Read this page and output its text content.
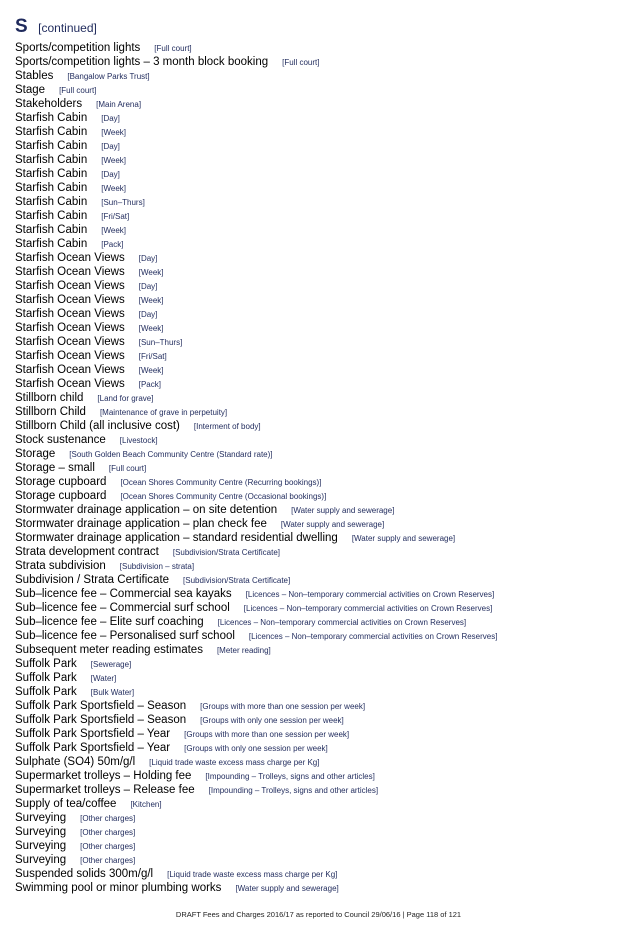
S [continued]
Sports/competition lights [Full court]
Sports/competition lights – 3 month block booking [Full court]
Stables [Bangalow Parks Trust]
Stage [Full court]
Stakeholders [Main Arena]
Starfish Cabin [Day]
Starfish Cabin [Week]
Starfish Cabin [Day]
Starfish Cabin [Week]
Starfish Cabin [Day]
Starfish Cabin [Week]
Starfish Cabin [Sun–Thurs]
Starfish Cabin [Fri/Sat]
Starfish Cabin [Week]
Starfish Cabin [Pack]
Starfish Ocean Views [Day]
Starfish Ocean Views [Week]
Starfish Ocean Views [Day]
Starfish Ocean Views [Week]
Starfish Ocean Views [Day]
Starfish Ocean Views [Week]
Starfish Ocean Views [Sun–Thurs]
Starfish Ocean Views [Fri/Sat]
Starfish Ocean Views [Week]
Starfish Ocean Views [Pack]
Stillborn child [Land for grave]
Stillborn Child [Maintenance of grave in perpetuity]
Stillborn Child (all inclusive cost) [Interment of body]
Stock sustenance [Livestock]
Storage [South Golden Beach Community Centre (Standard rate)]
Storage – small [Full court]
Storage cupboard [Ocean Shores Community Centre (Recurring bookings)]
Storage cupboard [Ocean Shores Community Centre (Occasional bookings)]
Stormwater drainage application – on site detention [Water supply and sewerage]
Stormwater drainage application – plan check fee [Water supply and sewerage]
Stormwater drainage application – standard residential dwelling [Water supply and sewerage]
Strata development contract [Subdivision/Strata Certificate]
Strata subdivision [Subdivision – strata]
Subdivision / Strata Certificate [Subdivision/Strata Certificate]
Sub–licence fee – Commercial sea kayaks [Licences – Non–temporary commercial activities on Crown Reserves]
Sub–licence fee – Commercial surf school [Licences – Non–temporary commercial activities on Crown Reserves]
Sub–licence fee – Elite surf coaching [Licences – Non–temporary commercial activities on Crown Reserves]
Sub–licence fee – Personalised surf school [Licences – Non–temporary commercial activities on Crown Reserves]
Subsequent meter reading estimates [Meter reading]
Suffolk Park [Sewerage]
Suffolk Park [Water]
Suffolk Park [Bulk Water]
Suffolk Park Sportsfield – Season [Groups with more than one session per week]
Suffolk Park Sportsfield – Season [Groups with only one session per week]
Suffolk Park Sportsfield – Year [Groups with more than one session per week]
Suffolk Park Sportsfield – Year [Groups with only one session per week]
Sulphate (SO4) 50m/g/l [Liquid trade waste excess mass charge per Kg]
Supermarket trolleys – Holding fee [Impounding – Trolleys, signs and other articles]
Supermarket trolleys – Release fee [Impounding – Trolleys, signs and other articles]
Supply of tea/coffee [Kitchen]
Surveying [Other charges]
Surveying [Other charges]
Surveying [Other charges]
Surveying [Other charges]
Suspended solids 300m/g/l [Liquid trade waste excess mass charge per Kg]
Swimming pool or minor plumbing works [Water supply and sewerage]
DRAFT Fees and Charges 2016/17 as reported to Council 29/06/16 | Page 118 of 121
